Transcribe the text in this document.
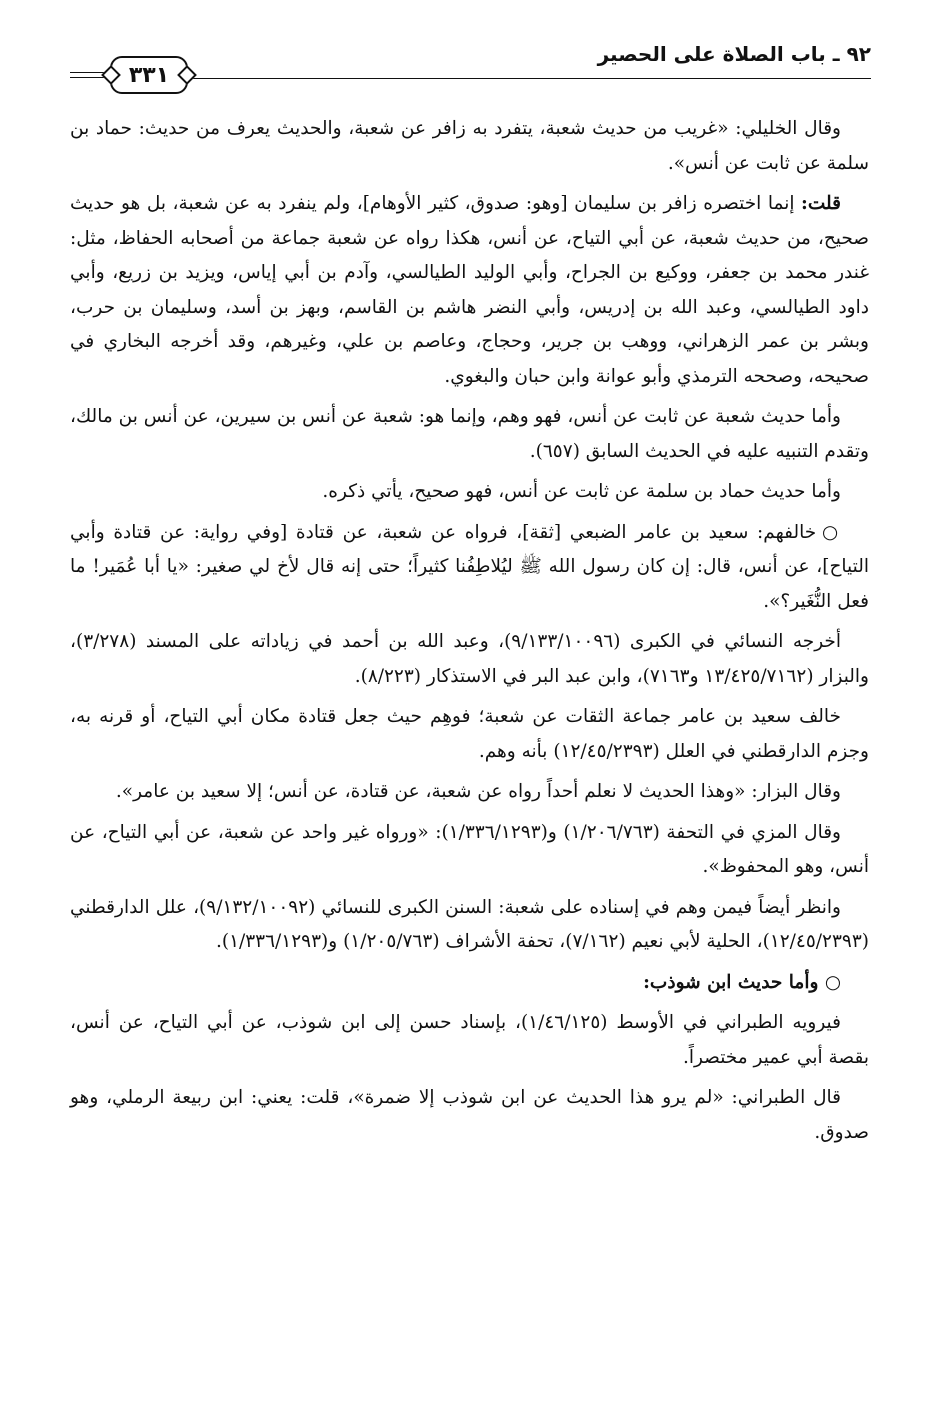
٩٢ ـ باب الصلاة على الحصير
٣٣١

وقال الخليلي: «غريب من حديث شعبة، يتفرد به زافر عن شعبة، والحديث يعرف من حديث: حماد بن سلمة عن ثابت عن أنس».

قلت: إنما اختصره زافر بن سليمان [وهو: صدوق، كثير الأوهام]، ولم ينفرد به عن شعبة، بل هو حديث صحيح، من حديث شعبة، عن أبي التياح، عن أنس، هكذا رواه عن شعبة جماعة من أصحابه الحفاظ، مثل: غندر محمد بن جعفر، ووكيع بن الجراح، وأبي الوليد الطيالسي، وآدم بن أبي إياس، ويزيد بن زريع، وأبي داود الطيالسي، وعبد الله بن إدريس، وأبي النضر هاشم بن القاسم، وبهز بن أسد، وسليمان بن حرب، وبشر بن عمر الزهراني، ووهب بن جرير، وحجاج، وعاصم بن علي، وغيرهم، وقد أخرجه البخاري في صحيحه، وصححه الترمذي وأبو عوانة وابن حبان والبغوي.

وأما حديث شعبة عن ثابت عن أنس، فهو وهم، وإنما هو: شعبة عن أنس بن سيرين، عن أنس بن مالك، وتقدم التنبيه عليه في الحديث السابق (٦٥٧).

وأما حديث حماد بن سلمة عن ثابت عن أنس، فهو صحيح، يأتي ذكره.

○ خالفهم: سعيد بن عامر الضبعي [ثقة]، فرواه عن شعبة، عن قتادة [وفي رواية: عن قتادة وأبي التياح]، عن أنس، قال: إن كان رسول الله ﷺ ليُلاطِفُنا كثيراً؛ حتى إنه قال لأخ لي صغير: «يا أبا عُمَير! ما فعل النُّغَير؟».

أخرجه النسائي في الكبرى (٩/١٣٣/١٠٠٩٦)، وعبد الله بن أحمد في زياداته على المسند (٣/٢٧٨)، والبزار (١٣/٤٢٥/٧١٦٢ و٧١٦٣)، وابن عبد البر في الاستذكار (٨/٢٢٣).

خالف سعيد بن عامر جماعة الثقات عن شعبة؛ فوهِم حيث جعل قتادة مكان أبي التياح، أو قرنه به، وجزم الدارقطني في العلل (١٢/٤٥/٢٣٩٣) بأنه وهم.

وقال البزار: «وهذا الحديث لا نعلم أحداً رواه عن شعبة، عن قتادة، عن أنس؛ إلا سعيد بن عامر».

وقال المزي في التحفة (١/٢٠٦/٧٦٣) و(١/٣٣٦/١٢٩٣): «ورواه غير واحد عن شعبة، عن أبي التياح، عن أنس، وهو المحفوظ».

وانظر أيضاً فيمن وهم في إسناده على شعبة: السنن الكبرى للنسائي (٩/١٣٢/١٠٠٩٢)، علل الدارقطني (١٢/٤٥/٢٣٩٣)، الحلية لأبي نعيم (٧/١٦٢)، تحفة الأشراف (١/٢٠٥/٧٦٣) و(١/٣٣٦/١٢٩٣).

○ وأما حديث ابن شوذب:

فيرويه الطبراني في الأوسط (١/٤٦/١٢٥)، بإسناد حسن إلى ابن شوذب، عن أبي التياح، عن أنس، بقصة أبي عمير مختصراً.

قال الطبراني: «لم يرو هذا الحديث عن ابن شوذب إلا ضمرة»، قلت: يعني: ابن ربيعة الرملي، وهو صدوق.
